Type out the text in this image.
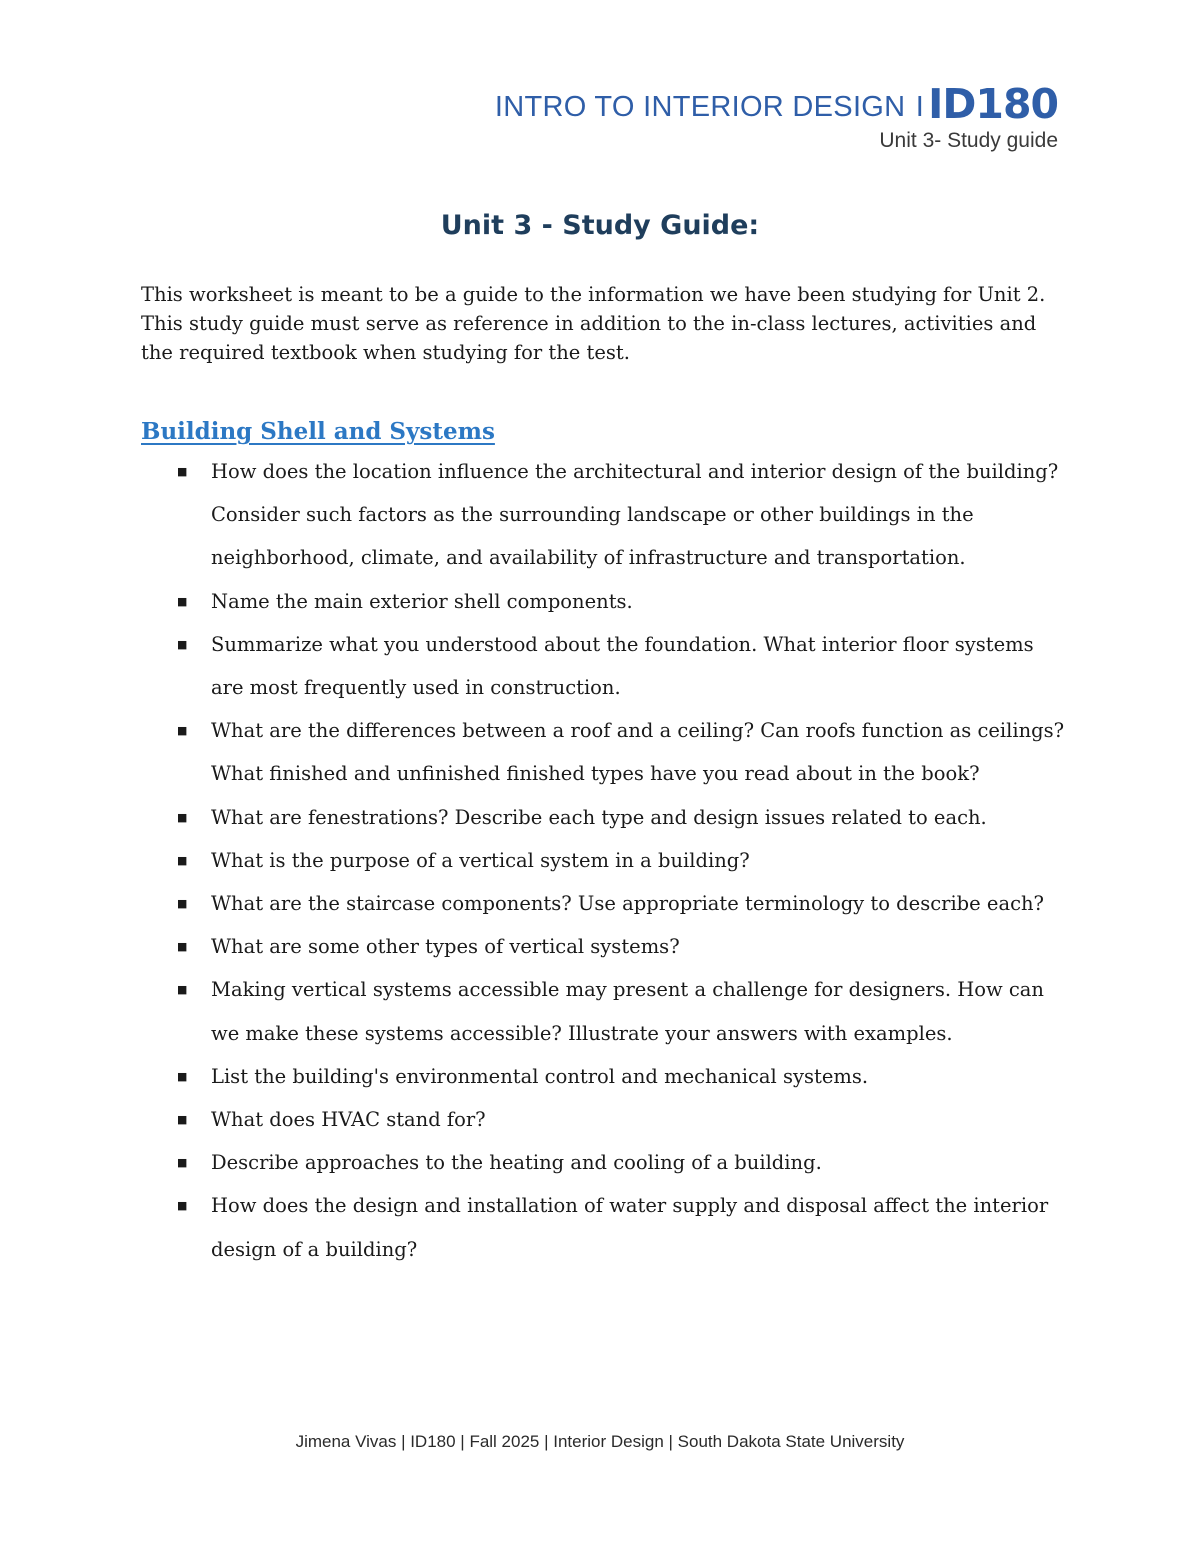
INTRO TO INTERIOR DESIGN IID180
Unit 3- Study guide
Unit 3 - Study Guide:
This worksheet is meant to be a guide to the information we have been studying for Unit 2. This study guide must serve as reference in addition to the in-class lectures, activities and the required textbook when studying for the test.
Building Shell and Systems
■ How does the location influence the architectural and interior design of the building? Consider such factors as the surrounding landscape or other buildings in the neighborhood, climate, and availability of infrastructure and transportation.
■ Name the main exterior shell components.
■ Summarize what you understood about the foundation. What interior floor systems are most frequently used in construction.
■ What are the differences between a roof and a ceiling? Can roofs function as ceilings? What finished and unfinished finished types have you read about in the book?
■ What are fenestrations? Describe each type and design issues related to each.
■ What is the purpose of a vertical system in a building?
■ What are the staircase components? Use appropriate terminology to describe each?
■ What are some other types of vertical systems?
■ Making vertical systems accessible may present a challenge for designers. How can we make these systems accessible? Illustrate your answers with examples.
■ List the building's environmental control and mechanical systems.
■ What does HVAC stand for?
■ Describe approaches to the heating and cooling of a building.
■ How does the design and installation of water supply and disposal affect the interior design of a building?
Jimena Vivas | ID180 | Fall 2025 | Interior Design | South Dakota State University
